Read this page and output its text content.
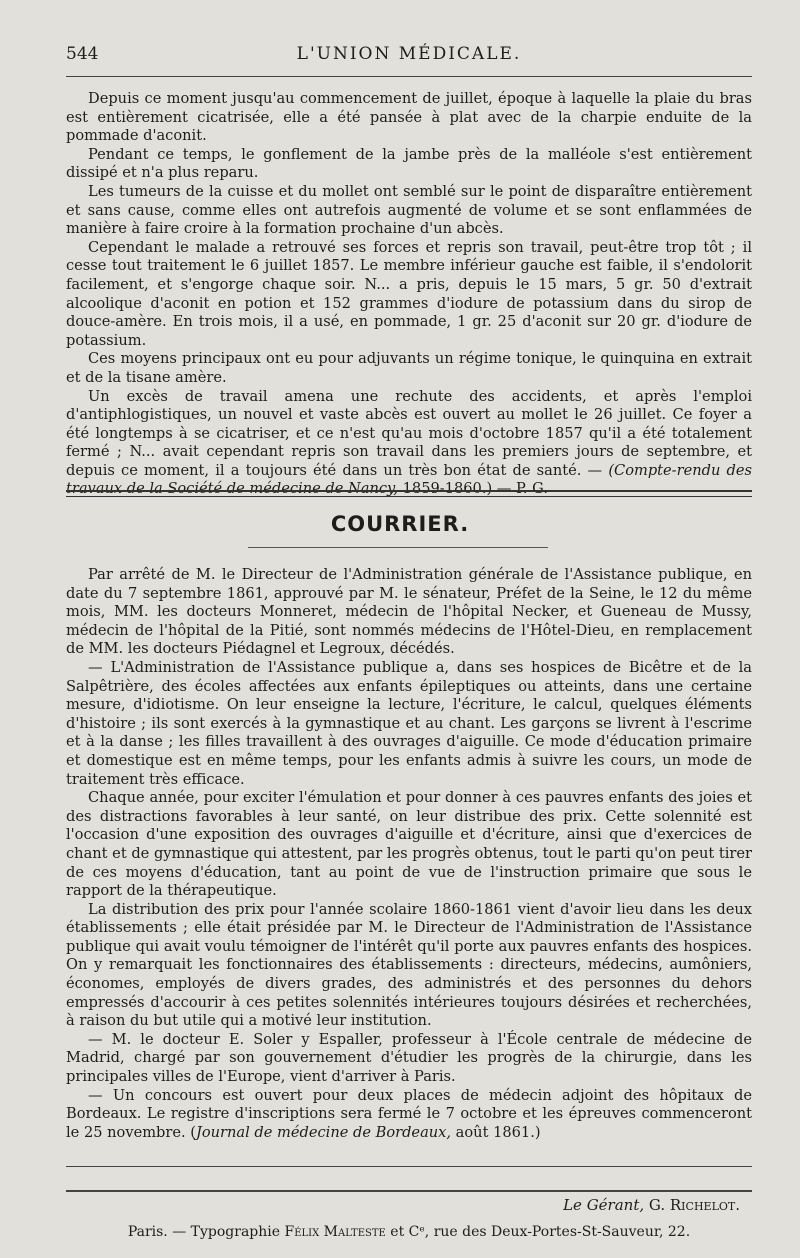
544	L'UNION MÉDICALE.

Depuis ce moment jusqu'au commencement de juillet, époque à laquelle la plaie du bras est entièrement cicatrisée, elle a été pansée à plat avec de la charpie enduite de la pommade d'aconit.

Pendant ce temps, le gonflement de la jambe près de la malléole s'est entièrement dissipé et n'a plus reparu.

Les tumeurs de la cuisse et du mollet ont semblé sur le point de disparaître entièrement et sans cause, comme elles ont autrefois augmenté de volume et se sont enflammées de manière à faire croire à la formation prochaine d'un abcès.

Cependant le malade a retrouvé ses forces et repris son travail, peut-être trop tôt ; il cesse tout traitement le 6 juillet 1857. Le membre inférieur gauche est faible, il s'endolorit facilement, et s'engorge chaque soir. N... a pris, depuis le 15 mars, 5 gr. 50 d'extrait alcoolique d'aconit en potion et 152 grammes d'iodure de potassium dans du sirop de douce-amère. En trois mois, il a usé, en pommade, 1 gr. 25 d'aconit sur 20 gr. d'iodure de potassium.

Ces moyens principaux ont eu pour adjuvants un régime tonique, le quinquina en extrait et de la tisane amère.

Un excès de travail amena une rechute des accidents, et après l'emploi d'antiphlogistiques, un nouvel et vaste abcès est ouvert au mollet le 26 juillet. Ce foyer a été longtemps à se cicatriser, et ce n'est qu'au mois d'octobre 1857 qu'il a été totalement fermé ; N... avait cependant repris son travail dans les premiers jours de septembre, et depuis ce moment, il a toujours été dans un très bon état de santé. — (Compte-rendu des travaux de la Société de médecine de Nancy, 1859-1860.) — P. G.

COURRIER.

Par arrêté de M. le Directeur de l'Administration générale de l'Assistance publique, en date du 7 septembre 1861, approuvé par M. le sénateur, Préfet de la Seine, le 12 du même mois, MM. les docteurs Monneret, médecin de l'hôpital Necker, et Gueneau de Mussy, médecin de l'hôpital de la Pitié, sont nommés médecins de l'Hôtel-Dieu, en remplacement de MM. les docteurs Piédagnel et Legroux, décédés.

— L'Administration de l'Assistance publique a, dans ses hospices de Bicêtre et de la Salpêtrière, des écoles affectées aux enfants épileptiques ou atteints, dans une certaine mesure, d'idiotisme. On leur enseigne la lecture, l'écriture, le calcul, quelques éléments d'histoire ; ils sont exercés à la gymnastique et au chant. Les garçons se livrent à l'escrime et à la danse ; les filles travaillent à des ouvrages d'aiguille. Ce mode d'éducation primaire et domestique est en même temps, pour les enfants admis à suivre les cours, un mode de traitement très efficace.

Chaque année, pour exciter l'émulation et pour donner à ces pauvres enfants des joies et des distractions favorables à leur santé, on leur distribue des prix. Cette solennité est l'occasion d'une exposition des ouvrages d'aiguille et d'écriture, ainsi que d'exercices de chant et de gymnastique qui attestent, par les progrès obtenus, tout le parti qu'on peut tirer de ces moyens d'éducation, tant au point de vue de l'instruction primaire que sous le rapport de la thérapeutique.

La distribution des prix pour l'année scolaire 1860-1861 vient d'avoir lieu dans les deux établissements ; elle était présidée par M. le Directeur de l'Administration de l'Assistance publique qui avait voulu témoigner de l'intérêt qu'il porte aux pauvres enfants des hospices. On y remarquait les fonctionnaires des établissements : directeurs, médecins, aumôniers, économes, employés de divers grades, des administrés et des personnes du dehors empressés d'accourir à ces petites solennités intérieures toujours désirées et recherchées, à raison du but utile qui a motivé leur institution.

— M. le docteur E. Soler y Espaller, professeur à l'École centrale de médecine de Madrid, chargé par son gouvernement d'étudier les progrès de la chirurgie, dans les principales villes de l'Europe, vient d'arriver à Paris.

— Un concours est ouvert pour deux places de médecin adjoint des hôpitaux de Bordeaux. Le registre d'inscriptions sera fermé le 7 octobre et les épreuves commenceront le 25 novembre. (Journal de médecine de Bordeaux, août 1861.)

Le Gérant, G. Richelot.
Paris. — Typographie Félix Malteste et Cᵉ, rue des Deux-Portes-St-Sauveur, 22.
